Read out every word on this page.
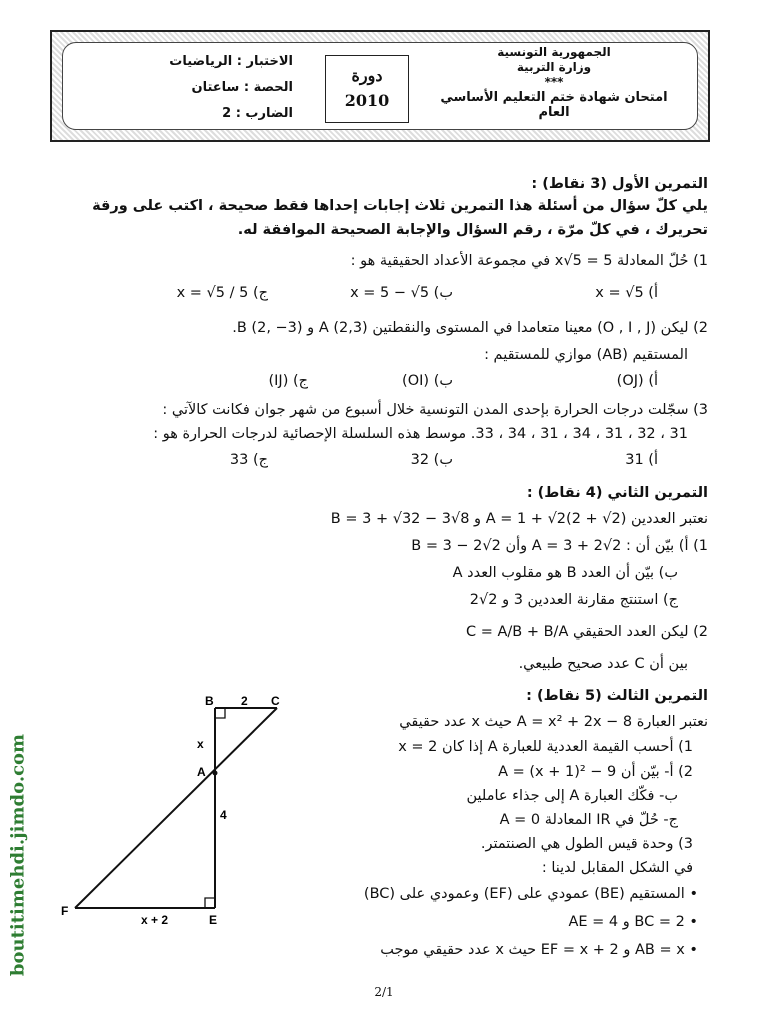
الاختبار : الرياضيات
الحصة : ساعتان
الضارب : 2
دورة
2010
الجمهورية التونسية
وزارة التربية
***
امتحان شهادة ختم التعليم الأساسي
العام
التمرين الأول (3 نقاط) :
يلي كلّ سؤال من أسئلة هذا التمرين ثلاث إجابات إحداها فقط صحيحة ، اكتب على ورقة
تحريرك ، في كلّ مرّة ، رقم السؤال والإجابة الصحيحة الموافقة له.
1) حُلّ المعادلة x√5 = 5 في مجموعة الأعداد الحقيقية هو :
أ) x = √5
ب) x = 5 − √5
ج) x = √5 / 5
2) ليكن (O , I , J) معينا متعامدا في المستوى والنقطتين A (2,3) و B (2, −3).
المستقيم (AB) موازي للمستقيم :
أ) (OJ)
ب) (OI)
ج) (IJ)
3) سجّلت درجات الحرارة بإحدى المدن التونسية خلال أسبوع من شهر جوان فكانت كالآتي :
31 ، 32 ، 31 ، 34 ، 31 ، 34 ، 33. موسط هذه السلسلة الإحصائية لدرجات الحرارة هو :
أ) 31
ب) 32
ج) 33
التمرين الثاني (4 نقاط) :
نعتبر العددين A = 1 + √2(2 + √2) و B = 3 + √32 − 3√8
1) أ) بيّن أن : A = 3 + 2√2 وأن B = 3 − 2√2
ب) بيّن أن العدد B هو مقلوب العدد A
ج) استنتج مقارنة العددين 3 و 2√2
2) ليكن العدد الحقيقي C = A/B + B/A
بين أن C عدد صحيح طبيعي.
التمرين الثالث (5 نقاط) :
نعتبر العبارة A = x² + 2x − 8 حيث x عدد حقيقي
1) أحسب القيمة العددية للعبارة A إذا كان x = 2
2) أ- بيّن أن A = (x + 1)² − 9
ب- فكّك العبارة A إلى جذاء عاملين
ج- حُلّ في IR المعادلة A = 0
3) وحدة قيس الطول هي الصنتمتر.
في الشكل المقابل لدينا :
• المستقيم (BE) عمودي على (EF) وعمودي على (BC)
• BC = 2 و AE = 4
• AB = x و EF = x + 2 حيث x عدد حقيقي موجب
B	C
2
x
A
4
F
E
x + 2
2/1
boutitimehdi.jimdo.com
